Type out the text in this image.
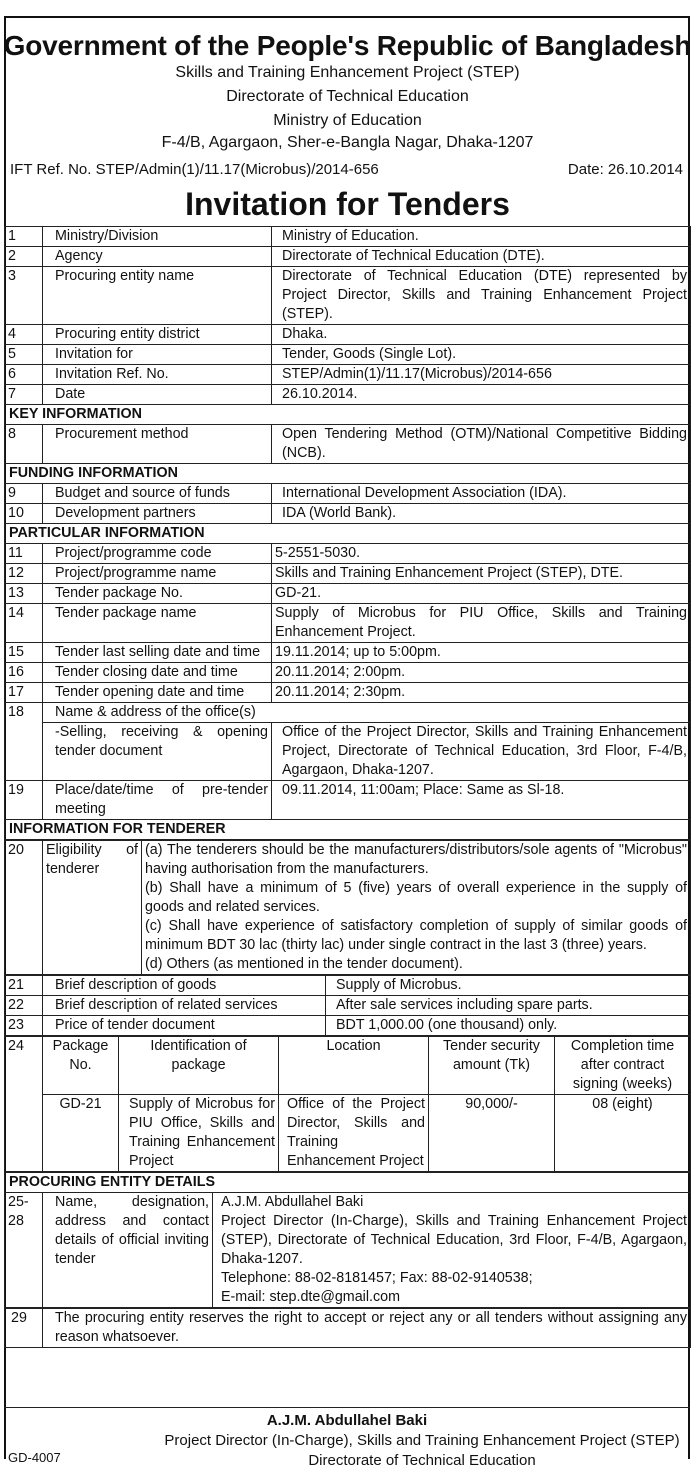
Government of the People's Republic of Bangladesh
Skills and Training Enhancement Project (STEP)
Directorate of Technical Education
Ministry of Education
F-4/B, Agargaon, Sher-e-Bangla Nagar, Dhaka-1207
IFT Ref. No. STEP/Admin(1)/11.17(Microbus)/2014-656	Date: 26.10.2014
Invitation for Tenders
1	Ministry/Division	Ministry of Education.
2	Agency	Directorate of Technical Education (DTE).
3	Procuring entity name	Directorate of Technical Education (DTE) represented by Project Director, Skills and Training Enhancement Project (STEP).
4	Procuring entity district	Dhaka.
5	Invitation for	Tender, Goods (Single Lot).
6	Invitation Ref. No.	STEP/Admin(1)/11.17(Microbus)/2014-656
7	Date	26.10.2014.
KEY INFORMATION		
8	Procurement method	Open Tendering Method (OTM)/National Competitive Bidding (NCB).
FUNDING INFORMATION		
9	Budget and source of funds	International Development Association (IDA).
10	Development partners	IDA (World Bank).
PARTICULAR INFORMATION		
11	Project/programme code	5-2551-5030.
12	Project/programme name	Skills and Training Enhancement Project (STEP), DTE.
13	Tender package No.	GD-21.
14	Tender package name	Supply of Microbus for PIU Office, Skills and Training Enhancement Project.
15	Tender last selling date and time	19.11.2014; up to 5:00pm.
16	Tender closing date and time	20.11.2014; 2:00pm.
17	Tender opening date and time	20.11.2014; 2:30pm.
18	Name & address of the office(s)	
	-Selling, receiving & opening tender document	Office of the Project Director, Skills and Training Enhancement Project, Directorate of Technical Education, 3rd Floor, F-4/B, Agargaon, Dhaka-1207.
19	Place/date/time of pre-tender meeting	09.11.2014, 11:00am; Place: Same as Sl-18.
INFORMATION FOR TENDERER		
20	Eligibility of tenderer	
(a) The tenderers should be the manufacturers/distributors/sole agents of "Microbus" having authorisation from the manufacturers.
(b) Shall have a minimum of 5 (five) years of overall experience in the supply of goods and related services.
(c) Shall have experience of satisfactory completion of supply of similar goods of minimum BDT 30 lac (thirty lac) under single contract in the last 3 (three) years.
(d) Others (as mentioned in the tender document).
21	Brief description of goods	Supply of Microbus.
22	Brief description of related services	After sale services including spare parts.
23	Price of tender document	BDT 1,000.00 (one thousand) only.
24	Package No.	Identification of package	Location	Tender security amount (Tk)	Completion time after contract signing (weeks)
	GD-21	Supply of Microbus for PIU Office, Skills and Training Enhancement Project	Office of the Project Director, Skills and Training Enhancement Project	90,000/-	08 (eight)
PROCURING ENTITY DETAILS
25-28	Name, designation, address and contact details of official inviting tender	
A.J.M. Abdullahel Baki
Project Director (In-Charge), Skills and Training Enhancement Project (STEP), Directorate of Technical Education, 3rd Floor, F-4/B, Agargaon, Dhaka-1207.
Telephone: 88-02-8181457; Fax: 88-02-9140538;
E-mail: step.dte@gmail.com
29	The procuring entity reserves the right to accept or reject any or all tenders without assigning any reason whatsoever.
A.J.M. Abdullahel Baki
Project Director (In-Charge), Skills and Training Enhancement Project (STEP)
Directorate of Technical Education
GD-4007
